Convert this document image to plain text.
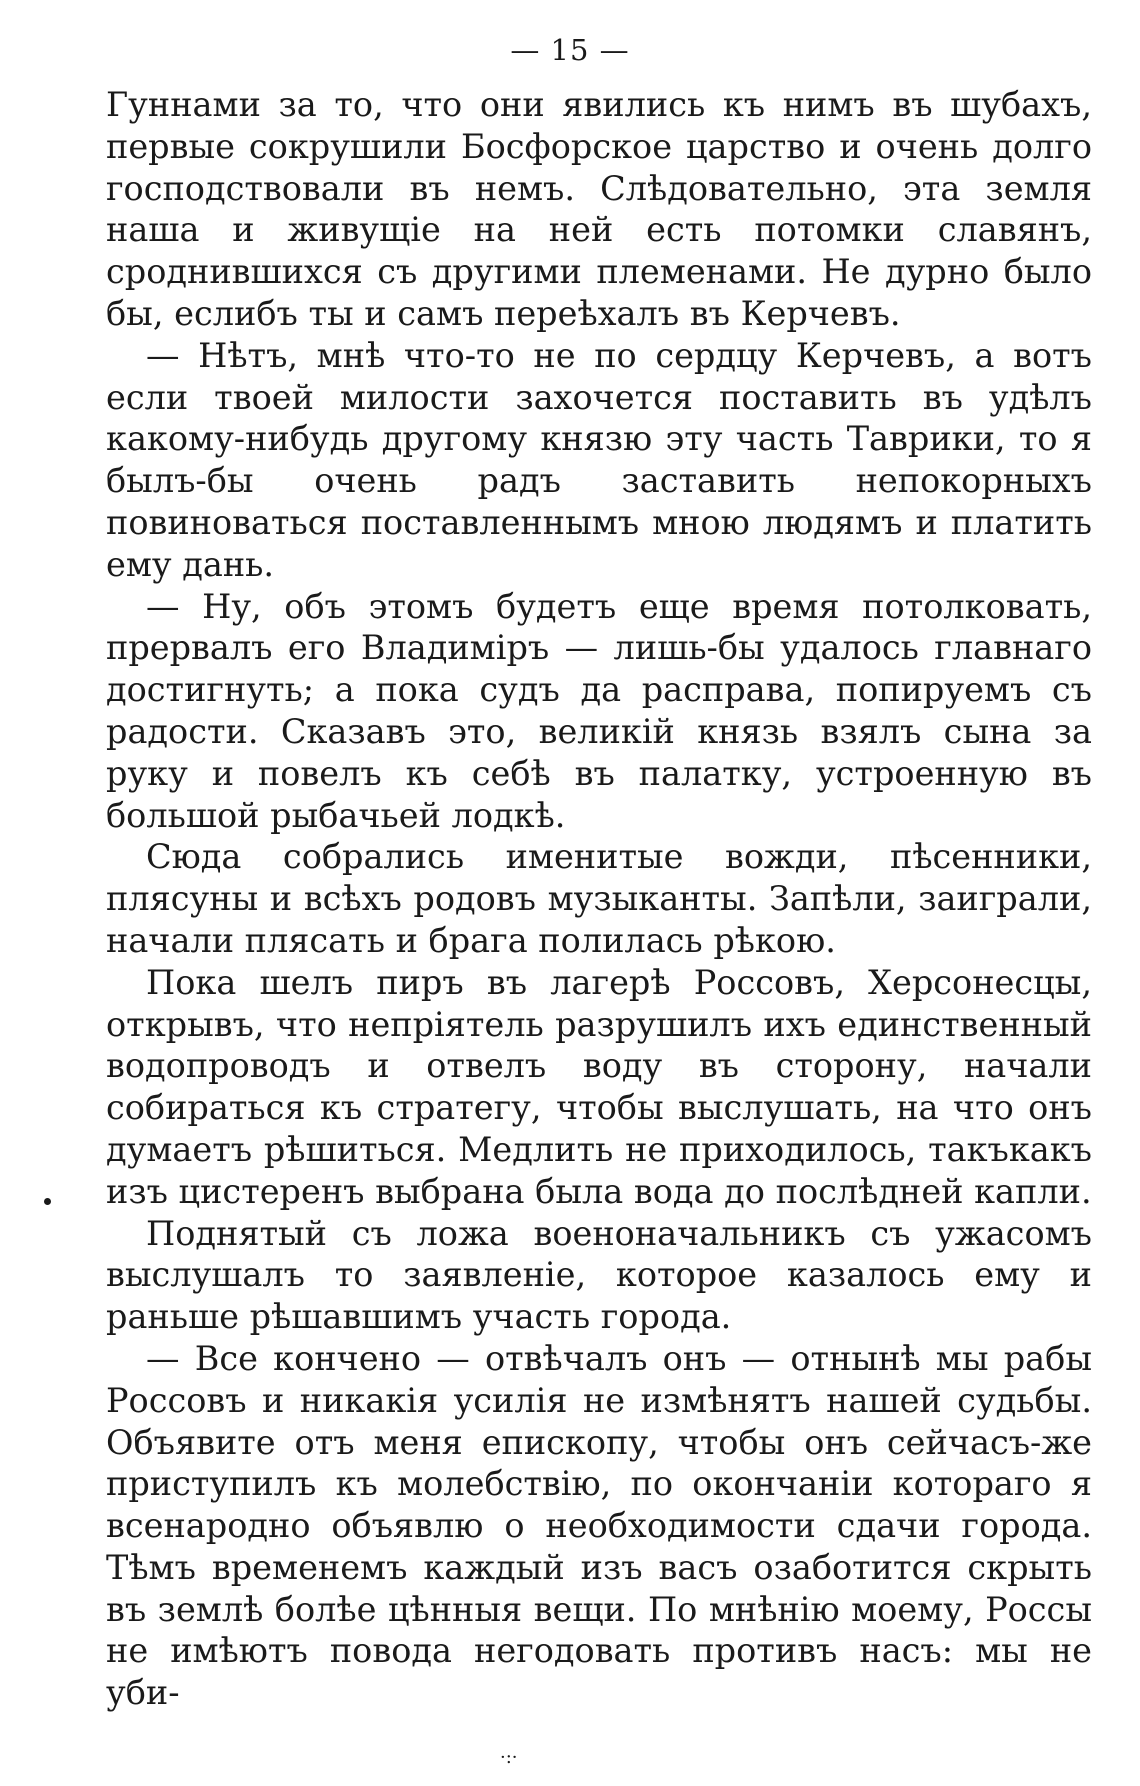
— 15 —

Гуннами за то, что они явились къ нимъ въ шубахъ, первые сокрушили Босфорское царство и очень долго господствовали въ немъ. Слѣдовательно, эта земля наша и живущіе на ней есть потомки славянъ, сроднившихся съ другими племенами. Не дурно было бы, еслибъ ты и самъ переѣхалъ въ Керчевъ.

— Нѣтъ, мнѣ что-то не по сердцу Керчевъ, а вотъ если твоей милости захочется поставить въ удѣлъ какому-нибудь другому князю эту часть Таврики, то я былъ-бы очень радъ заставить непокорныхъ повиноваться поставленнымъ мною людямъ и платить ему дань.

— Ну, объ этомъ будетъ еще время потолковать, прервалъ его Владиміръ — лишь-бы удалось главнаго достигнуть; а пока судъ да расправа, попируемъ съ радости. Сказавъ это, великій князь взялъ сына за руку и повелъ къ себѣ въ палатку, устроенную въ большой рыбачьей лодкѣ.

Сюда собрались именитые вожди, пѣсенники, плясуны и всѣхъ родовъ музыканты. Запѣли, заиграли, начали плясать и брага полилась рѣкою.

Пока шелъ пиръ въ лагерѣ Россовъ, Херсонесцы, открывъ, что непріятель разрушилъ ихъ единственный водопроводъ и отвелъ воду въ сторону, начали собираться къ стратегу, чтобы выслушать, на что онъ думаетъ рѣшиться. Медлить не приходилось, такъкакъ изъ цистеренъ выбрана была вода до послѣдней капли.

Поднятый съ ложа военоначальникъ съ ужасомъ выслушалъ то заявленіе, которое казалось ему и раньше рѣшавшимъ участь города.

— Все кончено — отвѣчалъ онъ — отнынѣ мы рабы Россовъ и никакія усилія не измѣнятъ нашей судьбы. Объявите отъ меня епископу, чтобы онъ сейчасъ-же приступилъ къ молебствію, по окончаніи котораго я всенародно объявлю о необходимости сдачи города. Тѣмъ временемъ каждый изъ васъ озаботится скрыть въ землѣ болѣе цѣнныя вещи. По мнѣнію моему, Россы не имѣютъ повода негодовать противъ насъ: мы не уби-

·:·
